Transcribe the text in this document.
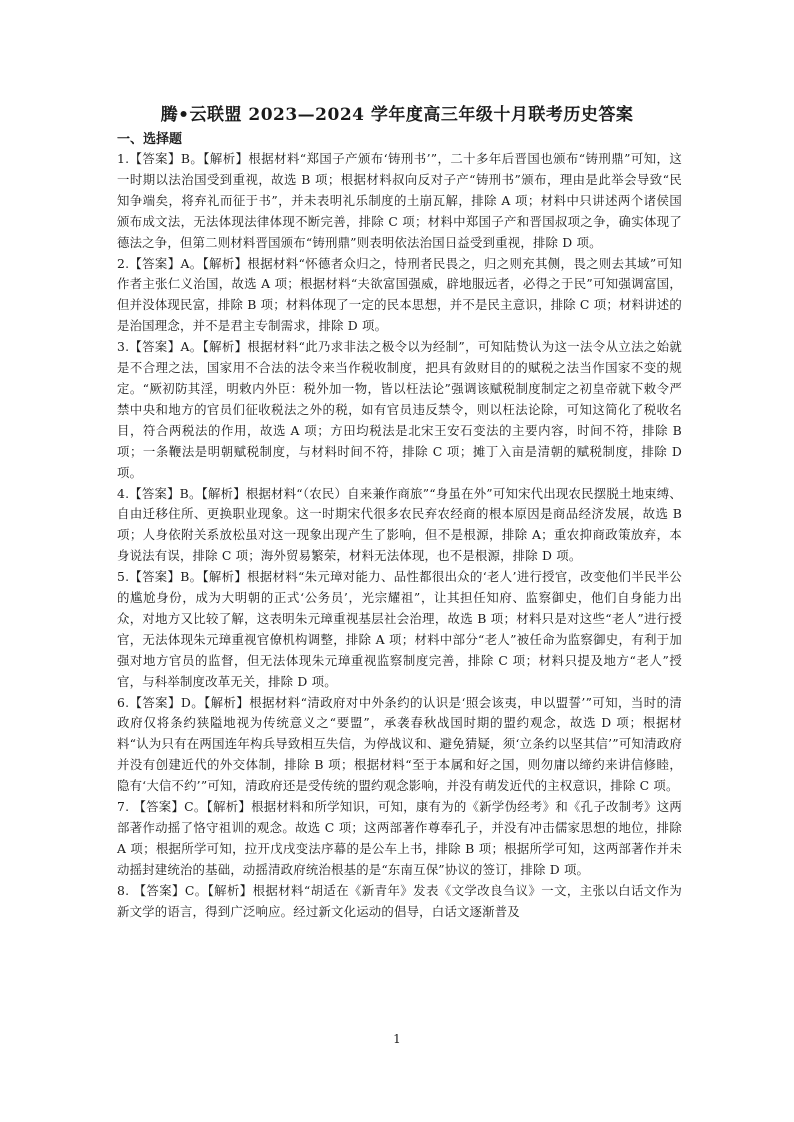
腾•云联盟 2023—2024 学年度高三年级十月联考历史答案
一、选择题

1.【答案】B。【解析】根据材料“郑国子产颁布‘铸刑书’”，二十多年后晋国也颁布“铸刑鼎”可知，这一时期以法治国受到重视，故选 B 项；根据材料叔向反对子产“铸刑书”颁布，理由是此举会导致“民知争端矣，将弃礼而征于书”，并未表明礼乐制度的土崩瓦解，排除 A 项；材料中只讲述两个诸侯国颁布成文法，无法体现法律体现不断完善，排除 C 项；材料中郑国子产和晋国叔项之争，确实体现了德法之争，但第二则材料晋国颁布“铸刑鼎”则表明依法治国日益受到重视，排除 D 项。

2.【答案】A。【解析】根据材料“怀德者众归之，恃刑者民畏之，归之则充其侧，畏之则去其域”可知作者主张仁义治国，故选 A 项；根据材料“夫欲富国强威，辟地服远者，必得之于民”可知强调富国，但并没体现民富，排除 B 项；材料体现了一定的民本思想，并不是民主意识，排除 C 项；材料讲述的是治国理念，并不是君主专制需求，排除 D 项。

3.【答案】A。【解析】根据材料“此乃求非法之极令以为经制”，可知陆贽认为这一法令从立法之始就是不合理之法，国家用不合法的法令来当作税收制度，把具有敛财目的的赋税之法当作国家不变的规定。“厥初防其淫，明敕内外臣：税外加一物，皆以枉法论”强调该赋税制度制定之初皇帝就下敕令严禁中央和地方的官员们征收税法之外的税，如有官员违反禁令，则以枉法论除，可知这简化了税收名目，符合两税法的作用，故选 A 项；方田均税法是北宋王安石变法的主要内容，时间不符，排除 B 项；一条鞭法是明朝赋税制度，与材料时间不符，排除 C 项；摊丁入亩是清朝的赋税制度，排除 D 项。

4.【答案】B。【解析】根据材料“（农民）自来兼作商旅”“身虽在外”可知宋代出现农民摆脱土地束缚、自由迁移住所、更换职业现象。这一时期宋代很多农民弃农经商的根本原因是商品经济发展，故选 B 项；人身依附关系放松虽对这一现象出现产生了影响，但不是根源，排除 A；重农抑商政策放弃，本身说法有误，排除 C 项；海外贸易繁荣，材料无法体现，也不是根源，排除 D 项。

5.【答案】B。【解析】根据材料“朱元璋对能力、品性都很出众的‘老人’进行授官，改变他们半民半公的尴尬身份，成为大明朝的正式‘公务员’，光宗耀祖”，让其担任知府、监察御史，他们自身能力出众，对地方又比较了解，这表明朱元璋重视基层社会治理，故选 B 项；材料只是对这些“老人”进行授官，无法体现朱元璋重视官僚机构调整，排除 A 项；材料中部分“老人”被任命为监察御史，有利于加强对地方官员的监督，但无法体现朱元璋重视监察制度完善，排除 C 项；材料只提及地方“老人”授官，与科举制度改革无关，排除 D 项。

6.【答案】D。【解析】根据材料“清政府对中外条约的认识是‘照会该夷，申以盟誓’”可知，当时的清政府仅将条约狭隘地视为传统意义之“要盟”，承袭春秋战国时期的盟约观念，故选 D 项；根据材料“认为只有在两国连年构兵导致相互失信，为停战议和、避免猜疑，须‘立条约以坚其信’”可知清政府并没有创建近代的外交体制，排除 B 项；根据材料“至于本属和好之国，则勿庸以缔约来讲信修睦，隐有‘大信不约’”可知，清政府还是受传统的盟约观念影响，并没有萌发近代的主权意识，排除 C 项。

7. 【答案】C。【解析】根据材料和所学知识，可知，康有为的《新学伪经考》和《孔子改制考》这两部著作动摇了恪守祖训的观念。故选 C 项；这两部著作尊奉孔子，并没有冲击儒家思想的地位，排除 A 项；根据所学可知，拉开戊戌变法序幕的是公车上书，排除 B 项；根据所学可知，这两部著作并未动摇封建统治的基础，动摇清政府统治根基的是“东南互保”协议的签订，排除 D 项。

8. 【答案】C。【解析】根据材料“胡适在《新青年》发表《文学改良刍议》一文，主张以白话文作为新文学的语言，得到广泛响应。经过新文化运动的倡导，白话文逐渐普及

1
